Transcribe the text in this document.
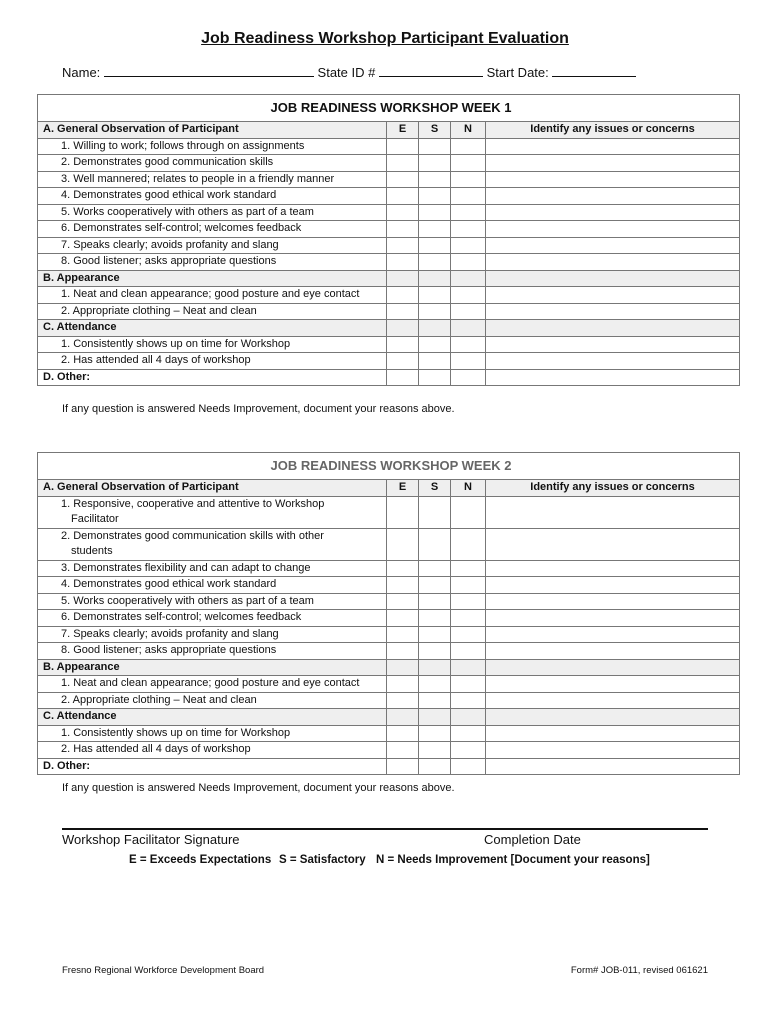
Job Readiness Workshop Participant Evaluation
Name:	State ID #	Start Date:
JOB READINESS WORKSHOP WEEK 1				
A. General Observation of Participant	E	S	N	Identify any issues or concerns
1. Willing to work; follows through on assignments				
2. Demonstrates good communication skills				
3. Well mannered; relates to people in a friendly manner				
4. Demonstrates good ethical work standard				
5. Works cooperatively with others as part of a team				
6. Demonstrates self-control; welcomes feedback				
7. Speaks clearly; avoids profanity and slang				
8. Good listener; asks appropriate questions				
B. Appearance				
1. Neat and clean appearance; good posture and eye contact				
2. Appropriate clothing – Neat and clean				
C. Attendance				
1. Consistently shows up on time for Workshop				
2. Has attended all 4 days of workshop				
D. Other:				
If any question is answered Needs Improvement, document your reasons above.
JOB READINESS WORKSHOP WEEK 2				
A. General Observation of Participant	E	S	N	Identify any issues or concerns
1. Responsive, cooperative and attentive to Workshop
Facilitator				

2. Demonstrates good communication skills with other
students				

3. Demonstrates flexibility and can adapt to change				
4. Demonstrates good ethical work standard				
5. Works cooperatively with others as part of a team				
6. Demonstrates self-control; welcomes feedback				
7. Speaks clearly; avoids profanity and slang				
8. Good listener; asks appropriate questions				
B. Appearance				
1. Neat and clean appearance; good posture and eye contact				
2. Appropriate clothing – Neat and clean				
C. Attendance				
1. Consistently shows up on time for Workshop				
2. Has attended all 4 days of workshop				
D. Other:				
If any question is answered Needs Improvement, document your reasons above.
Workshop Facilitator Signature	Completion Date
E = Exceeds Expectations S = Satisfactory N = Needs Improvement [Document your reasons]
Fresno Regional Workforce Development Board	Form# JOB-011, revised 061621
